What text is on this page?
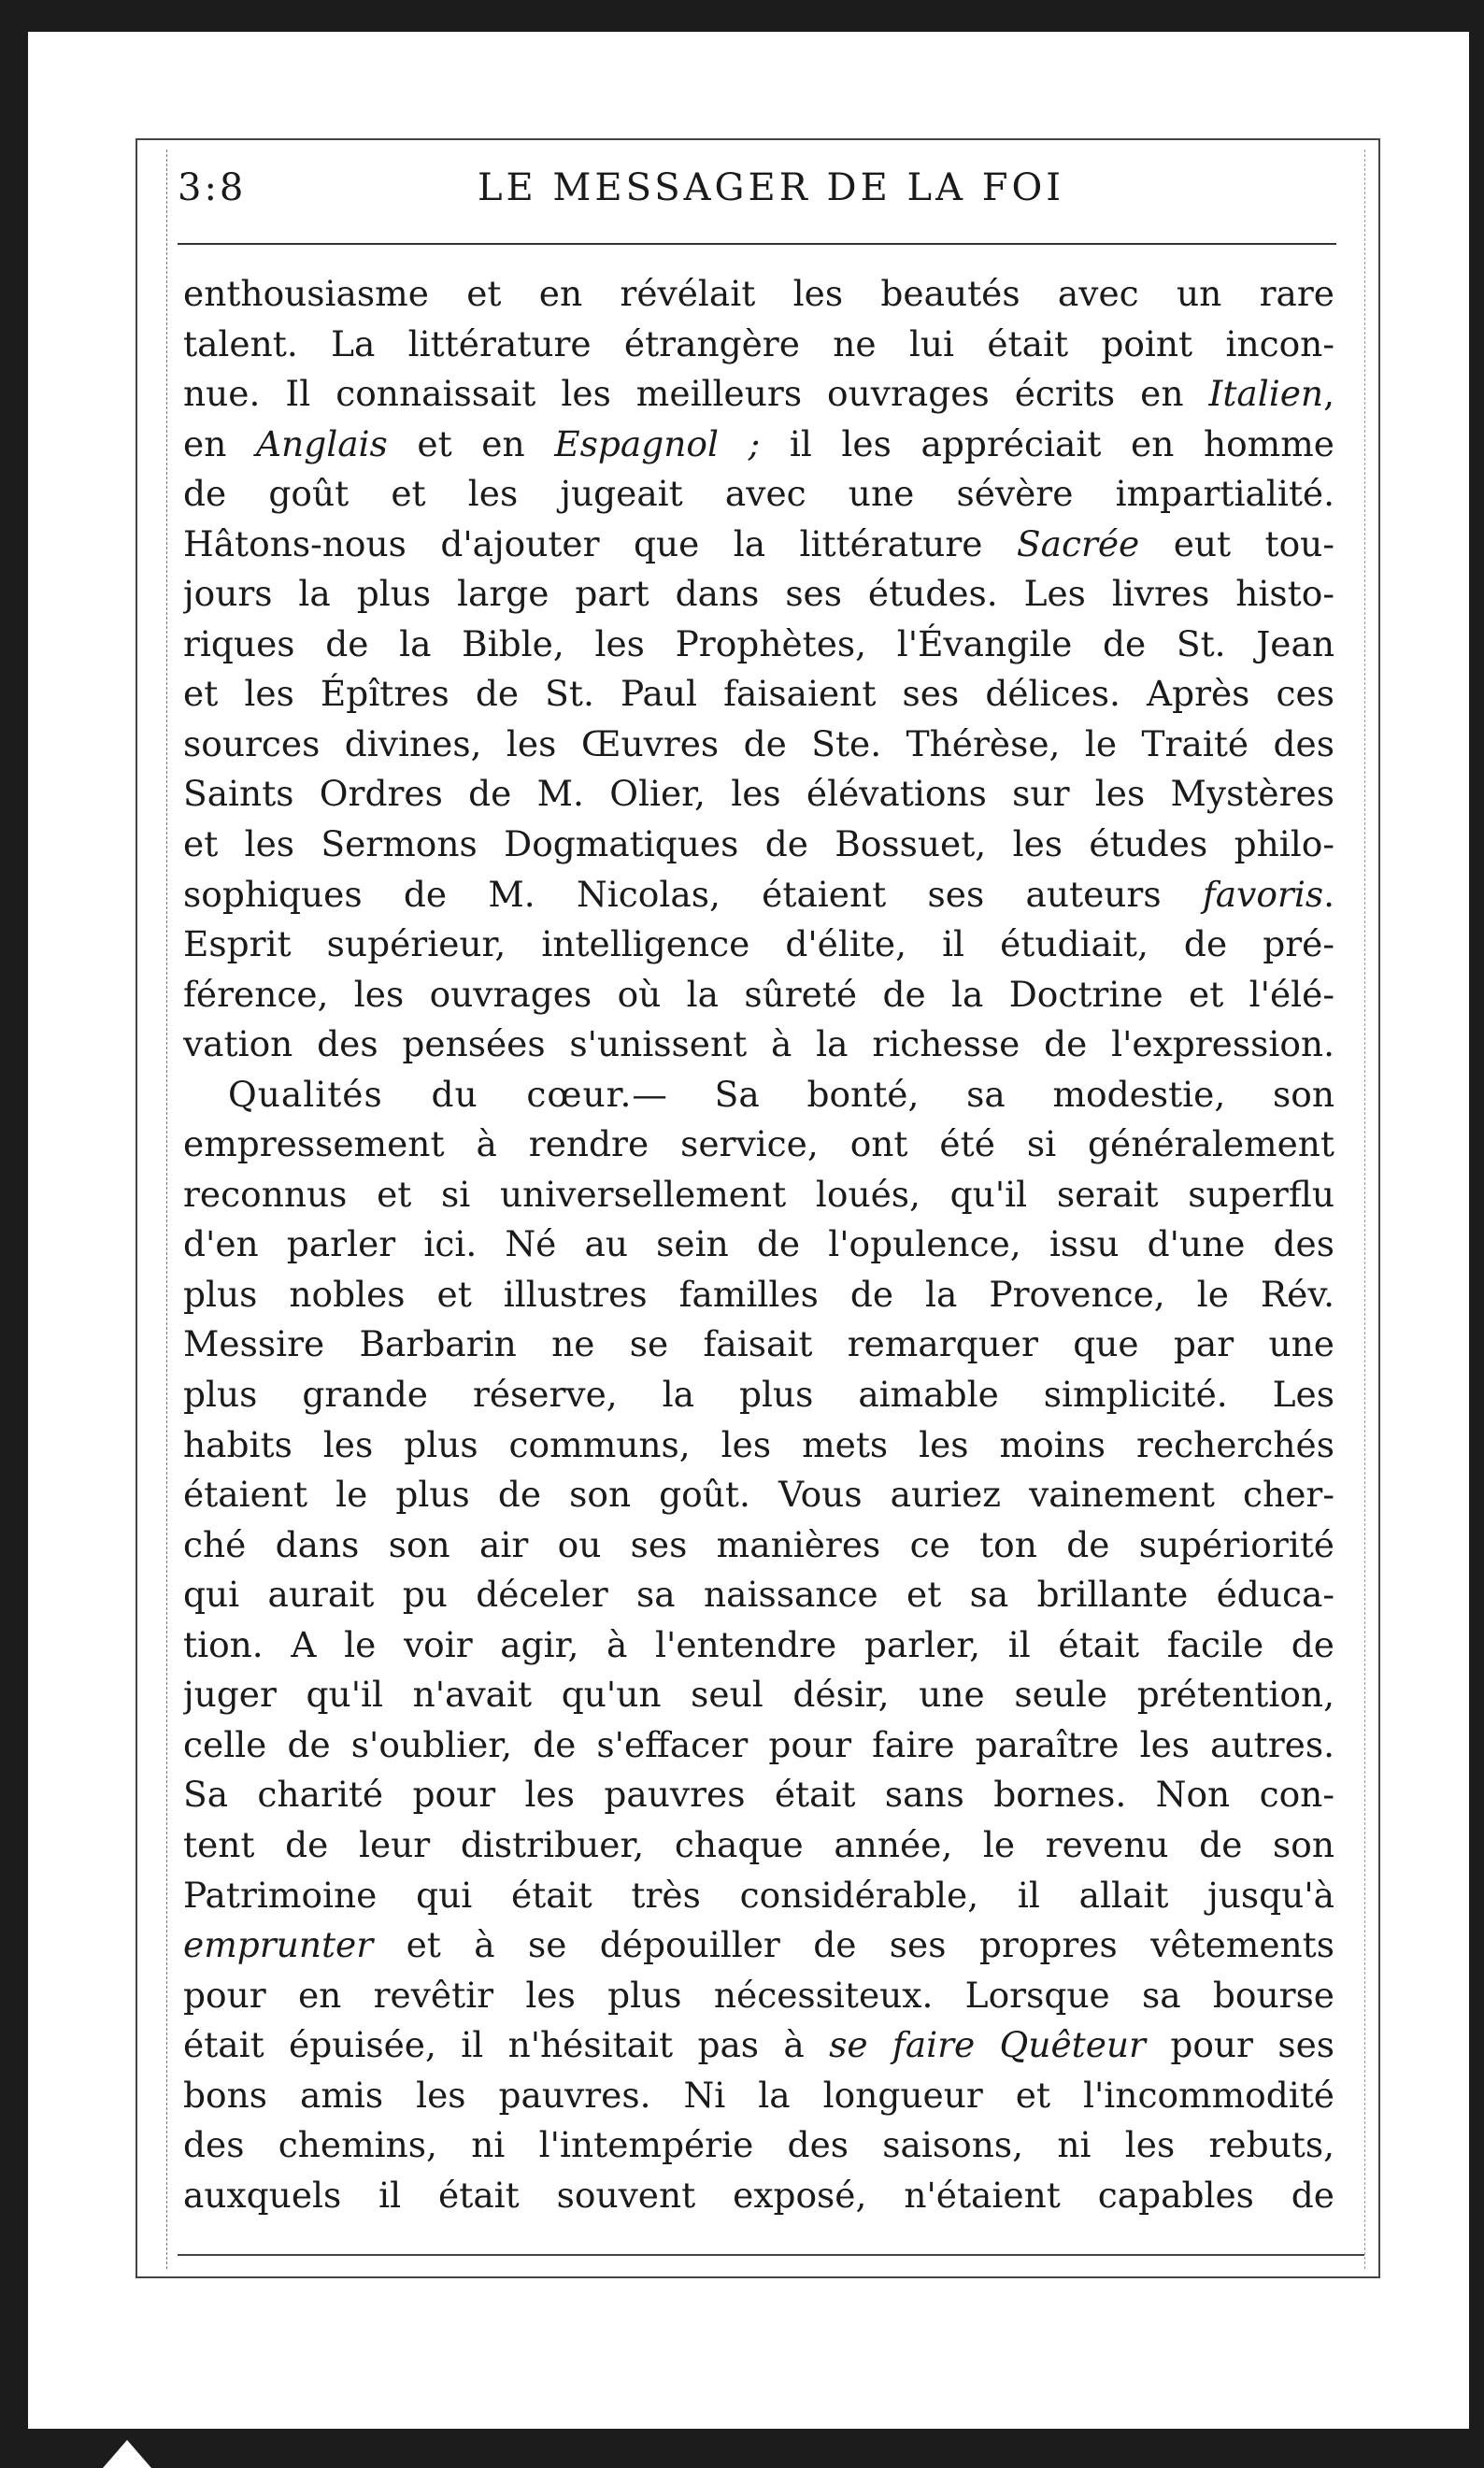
3:8	LE MESSAGER DE LA FOI
enthousiasme et en révélait les beautés avec un rare
talent. La littérature étrangère ne lui était point incon-
nue. Il connaissait les meilleurs ouvrages écrits en Italien,
en Anglais et en Espagnol ; il les appréciait en homme
de goût et les jugeait avec une sévère impartialité.
Hâtons-nous d'ajouter que la littérature Sacrée eut tou-
jours la plus large part dans ses études. Les livres histo-
riques de la Bible, les Prophètes, l'Évangile de St. Jean
et les Épîtres de St. Paul faisaient ses délices. Après ces
sources divines, les Œuvres de Ste. Thérèse, le Traité des
Saints Ordres de M. Olier, les élévations sur les Mystères
et les Sermons Dogmatiques de Bossuet, les études philo-
sophiques de M. Nicolas, étaient ses auteurs favoris.
Esprit supérieur, intelligence d'élite, il étudiait, de pré-
férence, les ouvrages où la sûreté de la Doctrine et l'élé-
vation des pensées s'unissent à la richesse de l'expression.
Qualités du cœur.— Sa bonté, sa modestie, son
empressement à rendre service, ont été si généralement
reconnus et si universellement loués, qu'il serait superflu
d'en parler ici. Né au sein de l'opulence, issu d'une des
plus nobles et illustres familles de la Provence, le Rév.
Messire Barbarin ne se faisait remarquer que par une
plus grande réserve, la plus aimable simplicité. Les
habits les plus communs, les mets les moins recherchés
étaient le plus de son goût. Vous auriez vainement cher-
ché dans son air ou ses manières ce ton de supériorité
qui aurait pu déceler sa naissance et sa brillante éduca-
tion. A le voir agir, à l'entendre parler, il était facile de
juger qu'il n'avait qu'un seul désir, une seule prétention,
celle de s'oublier, de s'effacer pour faire paraître les autres.
Sa charité pour les pauvres était sans bornes. Non con-
tent de leur distribuer, chaque année, le revenu de son
Patrimoine qui était très considérable, il allait jusqu'à
emprunter et à se dépouiller de ses propres vêtements
pour en revêtir les plus nécessiteux. Lorsque sa bourse
était épuisée, il n'hésitait pas à se faire Quêteur pour ses
bons amis les pauvres. Ni la longueur et l'incommodité
des chemins, ni l'intempérie des saisons, ni les rebuts,
auxquels il était souvent exposé, n'étaient capables de
